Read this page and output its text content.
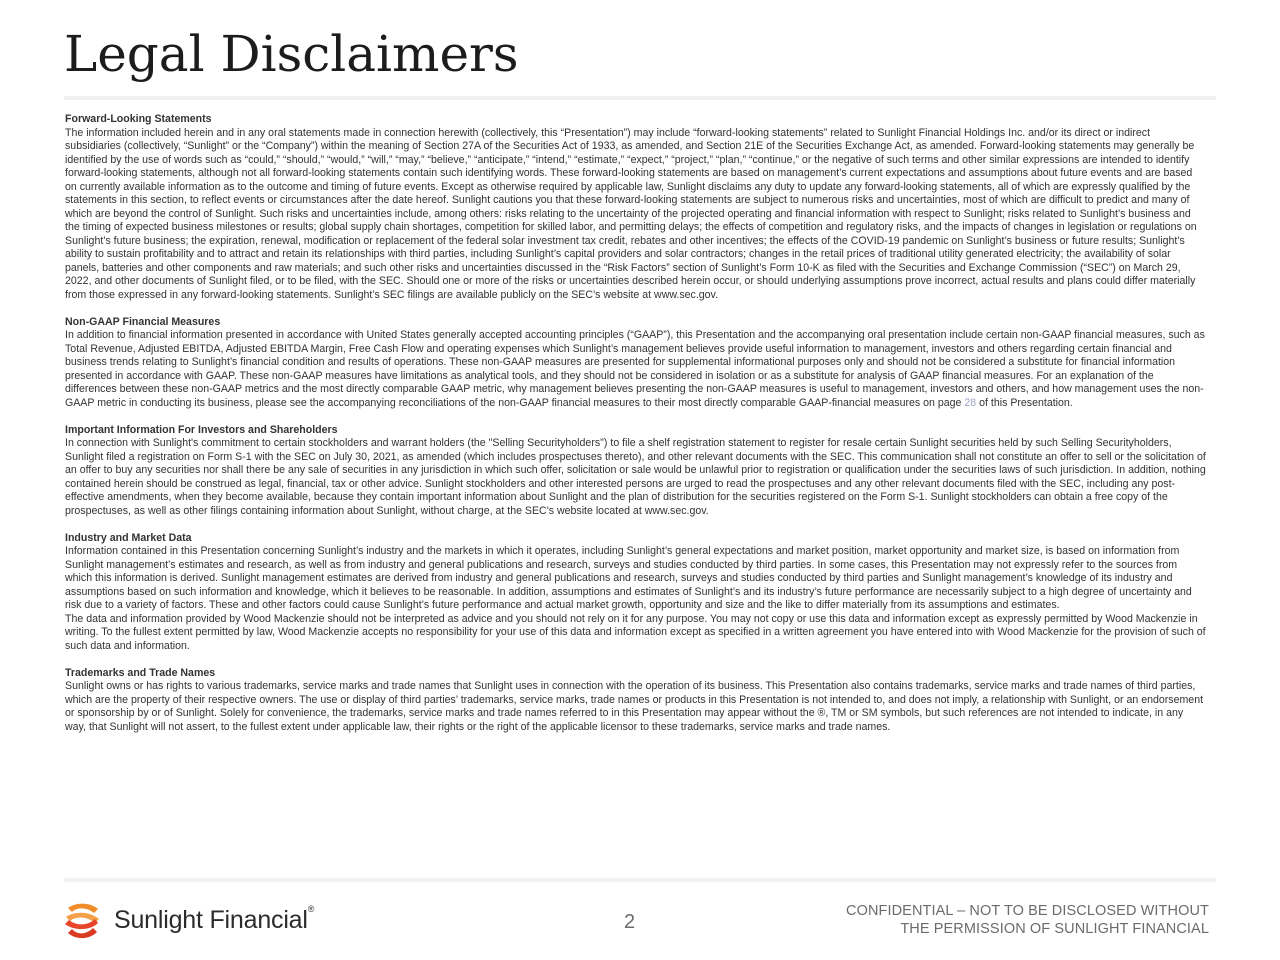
Legal Disclaimers
Forward-Looking Statements

The information included herein and in any oral statements made in connection herewith (collectively, this “Presentation”) may include “forward-looking statements” related to Sunlight Financial Holdings Inc. and/or its direct or indirect subsidiaries (collectively, “Sunlight” or the “Company”) within the meaning of Section 27A of the Securities Act of 1933, as amended, and Section 21E of the Securities Exchange Act, as amended. Forward-looking statements may generally be identified by the use of words such as “could,” “should,” “would,” “will,” “may,” “believe,” “anticipate,” “intend,” “estimate,” “expect,” “project,” “plan,” “continue,” or the negative of such terms and other similar expressions are intended to identify forward-looking statements, although not all forward-looking statements contain such identifying words. These forward-looking statements are based on management’s current expectations and assumptions about future events and are based on currently available information as to the outcome and timing of future events. Except as otherwise required by applicable law, Sunlight disclaims any duty to update any forward-looking statements, all of which are expressly qualified by the statements in this section, to reflect events or circumstances after the date hereof. Sunlight cautions you that these forward-looking statements are subject to numerous risks and uncertainties, most of which are difficult to predict and many of which are beyond the control of Sunlight. Such risks and uncertainties include, among others: risks relating to the uncertainty of the projected operating and financial information with respect to Sunlight; risks related to Sunlight’s business and the timing of expected business milestones or results; global supply chain shortages, competition for skilled labor, and permitting delays; the effects of competition and regulatory risks, and the impacts of changes in legislation or regulations on Sunlight’s future business; the expiration, renewal, modification or replacement of the federal solar investment tax credit, rebates and other incentives; the effects of the COVID-19 pandemic on Sunlight’s business or future results; Sunlight’s ability to sustain profitability and to attract and retain its relationships with third parties, including Sunlight’s capital providers and solar contractors; changes in the retail prices of traditional utility generated electricity; the availability of solar panels, batteries and other components and raw materials; and such other risks and uncertainties discussed in the “Risk Factors” section of Sunlight’s Form 10-K as filed with the Securities and Exchange Commission (“SEC”) on March 29, 2022, and other documents of Sunlight filed, or to be filed, with the SEC. Should one or more of the risks or uncertainties described herein occur, or should underlying assumptions prove incorrect, actual results and plans could differ materially from those expressed in any forward-looking statements. Sunlight’s SEC filings are available publicly on the SEC’s website at www.sec.gov.

Non-GAAP Financial Measures

In addition to financial information presented in accordance with United States generally accepted accounting principles (“GAAP”), this Presentation and the accompanying oral presentation include certain non-GAAP financial measures, such as Total Revenue, Adjusted EBITDA, Adjusted EBITDA Margin, Free Cash Flow and operating expenses which Sunlight’s management believes provide useful information to management, investors and others regarding certain financial and business trends relating to Sunlight’s financial condition and results of operations. These non-GAAP measures are presented for supplemental informational purposes only and should not be considered a substitute for financial information presented in accordance with GAAP. These non-GAAP measures have limitations as analytical tools, and they should not be considered in isolation or as a substitute for analysis of GAAP financial measures. For an explanation of the differences between these non-GAAP metrics and the most directly comparable GAAP metric, why management believes presenting the non-GAAP measures is useful to management, investors and others, and how management uses the non-GAAP metric in conducting its business, please see the accompanying reconciliations of the non-GAAP financial measures to their most directly comparable GAAP-financial measures on page 28 of this Presentation.

Important Information For Investors and Shareholders

In connection with Sunlight's commitment to certain stockholders and warrant holders (the "Selling Securityholders") to file a shelf registration statement to register for resale certain Sunlight securities held by such Selling Securityholders, Sunlight filed a registration on Form S-1 with the SEC on July 30, 2021, as amended (which includes prospectuses thereto), and other relevant documents with the SEC. This communication shall not constitute an offer to sell or the solicitation of an offer to buy any securities nor shall there be any sale of securities in any jurisdiction in which such offer, solicitation or sale would be unlawful prior to registration or qualification under the securities laws of such jurisdiction. In addition, nothing contained herein should be construed as legal, financial, tax or other advice. Sunlight stockholders and other interested persons are urged to read the prospectuses and any other relevant documents filed with the SEC, including any post-effective amendments, when they become available, because they contain important information about Sunlight and the plan of distribution for the securities registered on the Form S-1. Sunlight stockholders can obtain a free copy of the prospectuses, as well as other filings containing information about Sunlight, without charge, at the SEC's website located at www.sec.gov.

Industry and Market Data

Information contained in this Presentation concerning Sunlight’s industry and the markets in which it operates, including Sunlight’s general expectations and market position, market opportunity and market size, is based on information from Sunlight management’s estimates and research, as well as from industry and general publications and research, surveys and studies conducted by third parties. In some cases, this Presentation may not expressly refer to the sources from which this information is derived. Sunlight management estimates are derived from industry and general publications and research, surveys and studies conducted by third parties and Sunlight management’s knowledge of its industry and assumptions based on such information and knowledge, which it believes to be reasonable. In addition, assumptions and estimates of Sunlight’s and its industry’s future performance are necessarily subject to a high degree of uncertainty and risk due to a variety of factors. These and other factors could cause Sunlight’s future performance and actual market growth, opportunity and size and the like to differ materially from its assumptions and estimates.

The data and information provided by Wood Mackenzie should not be interpreted as advice and you should not rely on it for any purpose. You may not copy or use this data and information except as expressly permitted by Wood Mackenzie in writing. To the fullest extent permitted by law, Wood Mackenzie accepts no responsibility for your use of this data and information except as specified in a written agreement you have entered into with Wood Mackenzie for the provision of such of such data and information.

Trademarks and Trade Names

Sunlight owns or has rights to various trademarks, service marks and trade names that Sunlight uses in connection with the operation of its business. This Presentation also contains trademarks, service marks and trade names of third parties, which are the property of their respective owners. The use or display of third parties’ trademarks, service marks, trade names or products in this Presentation is not intended to, and does not imply, a relationship with Sunlight, or an endorsement or sponsorship by or of Sunlight. Solely for convenience, the trademarks, service marks and trade names referred to in this Presentation may appear without the ®, TM or SM symbols, but such references are not intended to indicate, in any way, that Sunlight will not assert, to the fullest extent under applicable law, their rights or the right of the applicable licensor to these trademarks, service marks and trade names.

Sunlight Financial®
2	CONFIDENTIAL – NOT TO BE DISCLOSED WITHOUT
THE PERMISSION OF SUNLIGHT FINANCIAL
